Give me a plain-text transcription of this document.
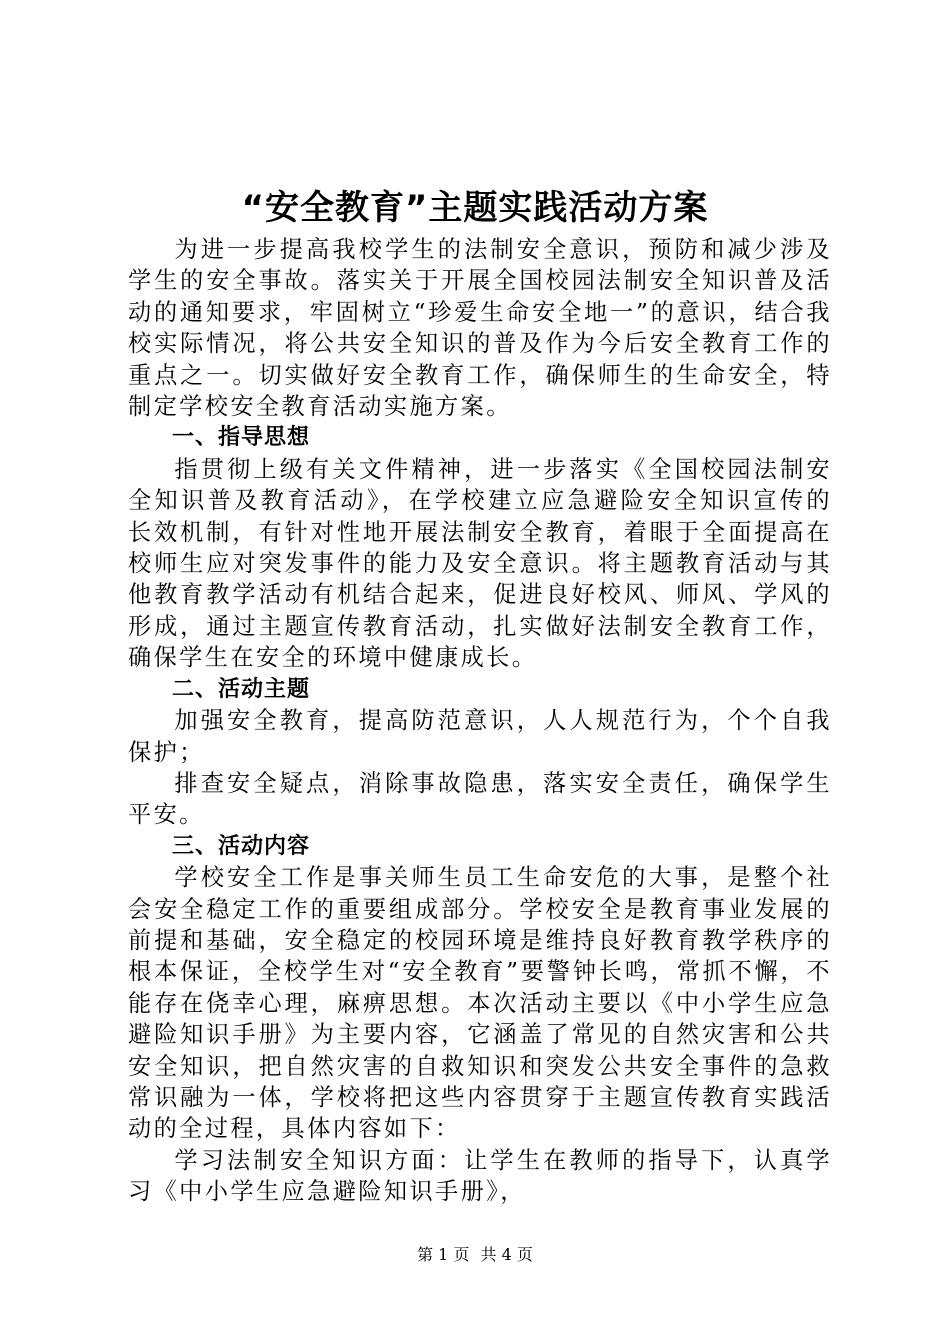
“安全教育”主题实践活动方案

为进一步提高我校学生的法制安全意识，预防和减少涉及学生的安全事故。落实关于开展全国校园法制安全知识普及活动的通知要求，牢固树立“珍爱生命安全地一”的意识，结合我校实际情况，将公共安全知识的普及作为今后安全教育工作的重点之一。切实做好安全教育工作，确保师生的生命安全，特制定学校安全教育活动实施方案。

一、指导思想

指贯彻上级有关文件精神，进一步落实《全国校园法制安全知识普及教育活动》，在学校建立应急避险安全知识宣传的长效机制，有针对性地开展法制安全教育，着眼于全面提高在校师生应对突发事件的能力及安全意识。将主题教育活动与其他教育教学活动有机结合起来，促进良好校风、师风、学风的形成，通过主题宣传教育活动，扎实做好法制安全教育工作，确保学生在安全的环境中健康成长。

二、活动主题

加强安全教育，提高防范意识，人人规范行为，个个自我保护；

排查安全疑点，消除事故隐患，落实安全责任，确保学生平安。

三、活动内容

学校安全工作是事关师生员工生命安危的大事，是整个社会安全稳定工作的重要组成部分。学校安全是教育事业发展的前提和基础，安全稳定的校园环境是维持良好教育教学秩序的根本保证，全校学生对“安全教育”要警钟长鸣，常抓不懈，不能存在侥幸心理，麻痹思想。本次活动主要以《中小学生应急避险知识手册》为主要内容，它涵盖了常见的自然灾害和公共安全知识，把自然灾害的自救知识和突发公共安全事件的急救常识融为一体，学校将把这些内容贯穿于主题宣传教育实践活动的全过程，具体内容如下：

学习法制安全知识方面：让学生在教师的指导下，认真学习《中小学生应急避险知识手册》，

第 1 页 共 4 页
